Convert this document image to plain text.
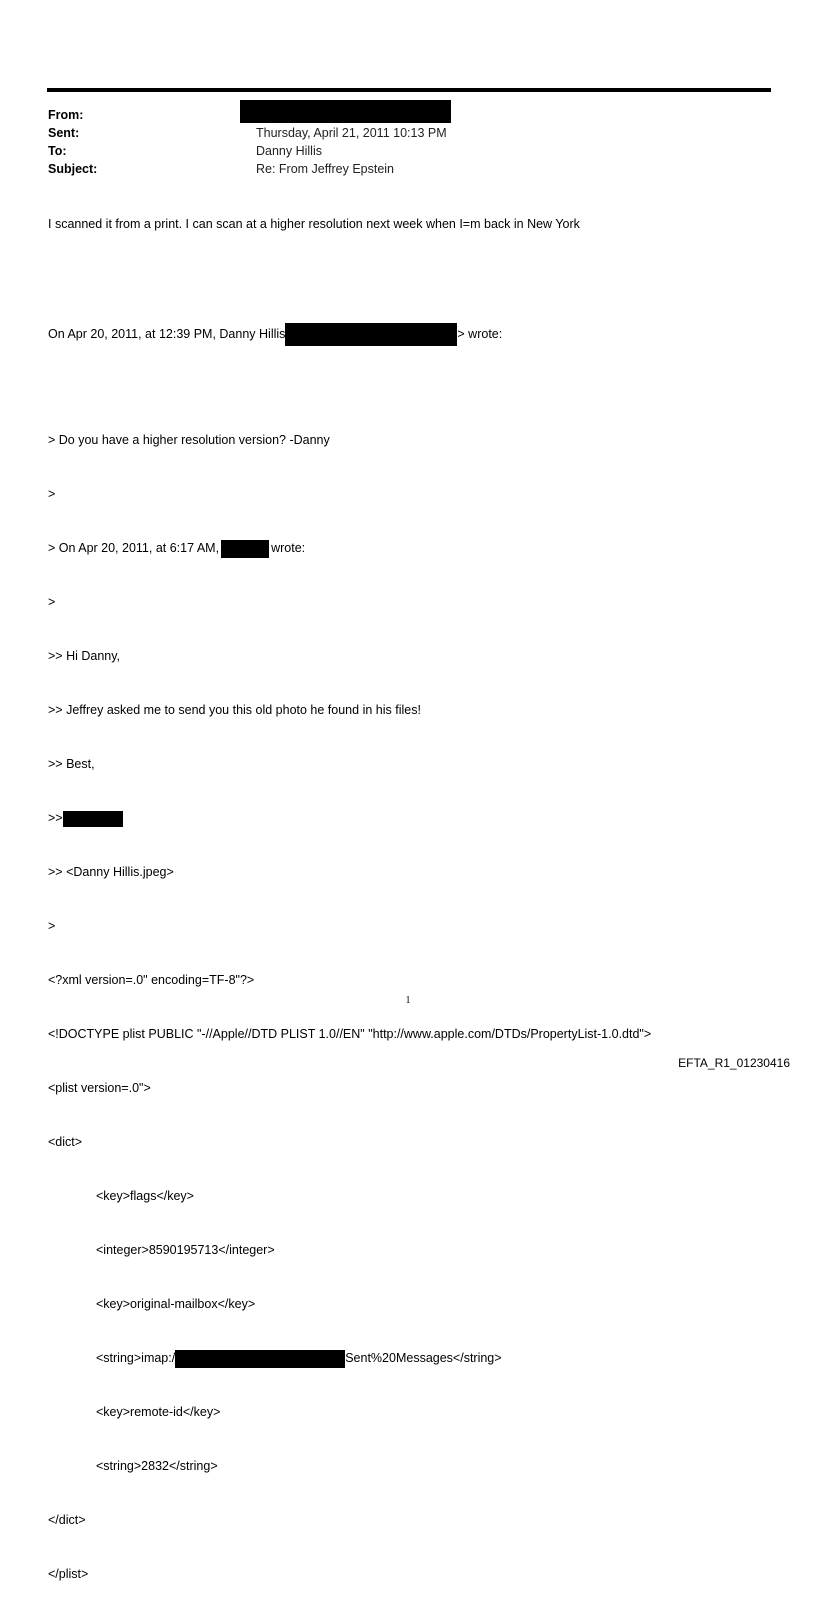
From:
Sent:	Thursday, April 21, 2011 10:13 PM
To:	Danny Hillis
Subject:	Re: From Jeffrey Epstein
I scanned it from a print. I can scan at a higher resolution next week when I=m back in New York

On Apr 20, 2011, at 12:39 PM, Danny Hillis	> wrote:

> Do you have a higher resolution version? -Danny

>

> On Apr 20, 2011, at 6:17 AM,	wrote:

>

>> Hi Danny,

>> Jeffrey asked me to send you this old photo he found in his files!

>> Best,

>>

>> <Danny Hillis.jpeg>

>

<?xml version=.0" encoding=TF-8"?>

<!DOCTYPE plist PUBLIC "-//Apple//DTD PLIST 1.0//EN" "http://www.apple.com/DTDs/PropertyList-1.0.dtd">

<plist version=.0">

<dict>

<key>flags</key>

<integer>8590195713</integer>

<key>original-mailbox</key>

<string>imap:/	Sent%20Messages</string>

<key>remote-id</key>

<string>2832</string>

</dict>

</plist>

1
EFTA_R1_01230416
